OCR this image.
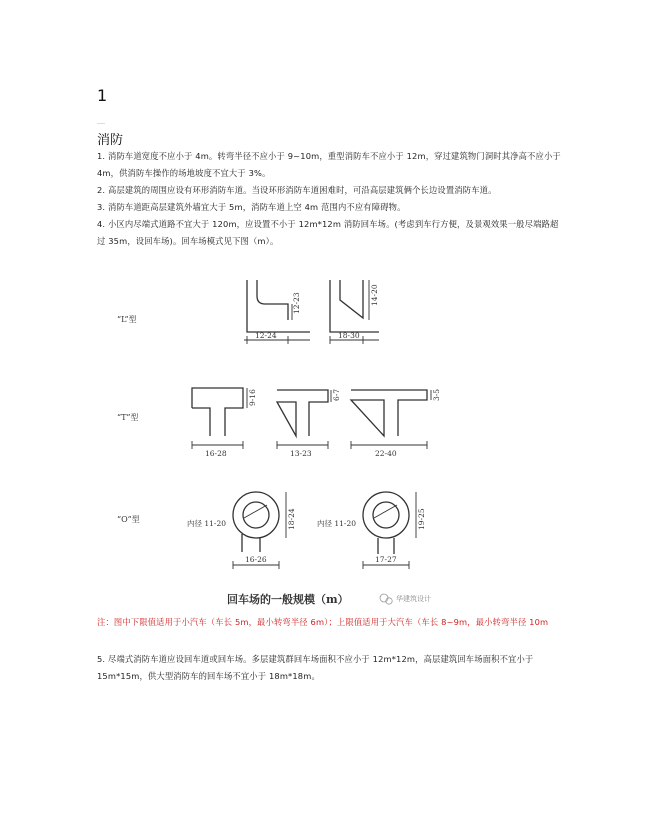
1
消防
1. 消防车道宽度不应小于 4m。转弯半径不应小于 9~10m，重型消防车不应小于 12m，穿过建筑物门洞时其净高不应小于 4m，供消防车操作的场地坡度不宜大于 3%。
2. 高层建筑的周围应设有环形消防车道。当设环形消防车道困难时，可沿高层建筑俩个长边设置消防车道。
3. 消防车道距高层建筑外墙宜大于 5m，消防车道上空 4m 范围内不应有障碍物。
4. 小区内尽端式道路不宜大于 120m，应设置不小于 12m*12m 消防回车场。(考虑到车行方便，及景观效果一般尽端路超过 35m，设回车场)。回车场模式见下图（m）。
“L”型
“T”型
“O”型
12-24
12-23
18-30
14-20
16-28
9-16
13-23
6-7
22-40
3-5
内径 11-20	18-24
16-26
内径 11-20	19-25
17-27
回车场的一般规模（m）	华建筑设计
注：图中下限值适用于小汽车（车长 5m，最小转弯半径 6m）；上限值适用于大汽车（车长 8~9m，最小转弯半径 10m
5. 尽端式消防车道应设回车道或回车场。多层建筑群回车场面积不应小于 12m*12m，高层建筑回车场面积不宜小于 15m*15m，供大型消防车的回车场不宜小于 18m*18m。
